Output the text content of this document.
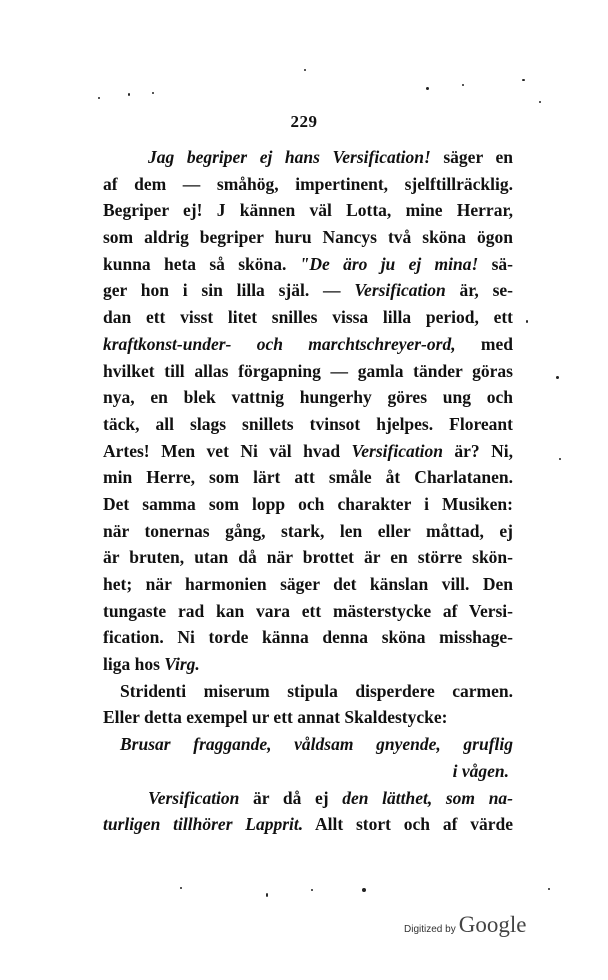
229
Jag begriper ej hans Versification! säger en
af dem — småhög, impertinent, sjelftillräcklig.
Begriper ej! J kännen väl Lotta, mine Herrar,
som aldrig begriper huru Nancys två sköna ögon
kunna heta så sköna. "De äro ju ej mina! sä-
ger hon i sin lilla själ. — Versification är, se-
dan ett visst litet snilles vissa lilla period, ett
kraftkonst-under- och marchtschreyer-ord, med
hvilket till allas förgapning — gamla tänder göras
nya, en blek vattnig hungerhy göres ung och
täck, all slags snillets tvinsot hjelpes. Floreant
Artes! Men vet Ni väl hvad Versification är? Ni,
min Herre, som lärt att småle åt Charlatanen.
Det samma som lopp och charakter i Musiken:
när tonernas gång, stark, len eller måttad, ej
är bruten, utan då när brottet är en större skön-
het; när harmonien säger det känslan vill. Den
tungaste rad kan vara ett mästerstycke af Versi-
fication. Ni torde känna denna sköna misshage-
liga hos Virg.
Stridenti miserum stipula disperdere carmen.
Eller detta exempel ur ett annat Skaldestycke:
Brusar fraggande, våldsam gnyende, gruflig
i vågen.
Versification är då ej den lätthet, som na-
turligen tillhörer Lapprit. Allt stort och af värde
Digitized by Google
